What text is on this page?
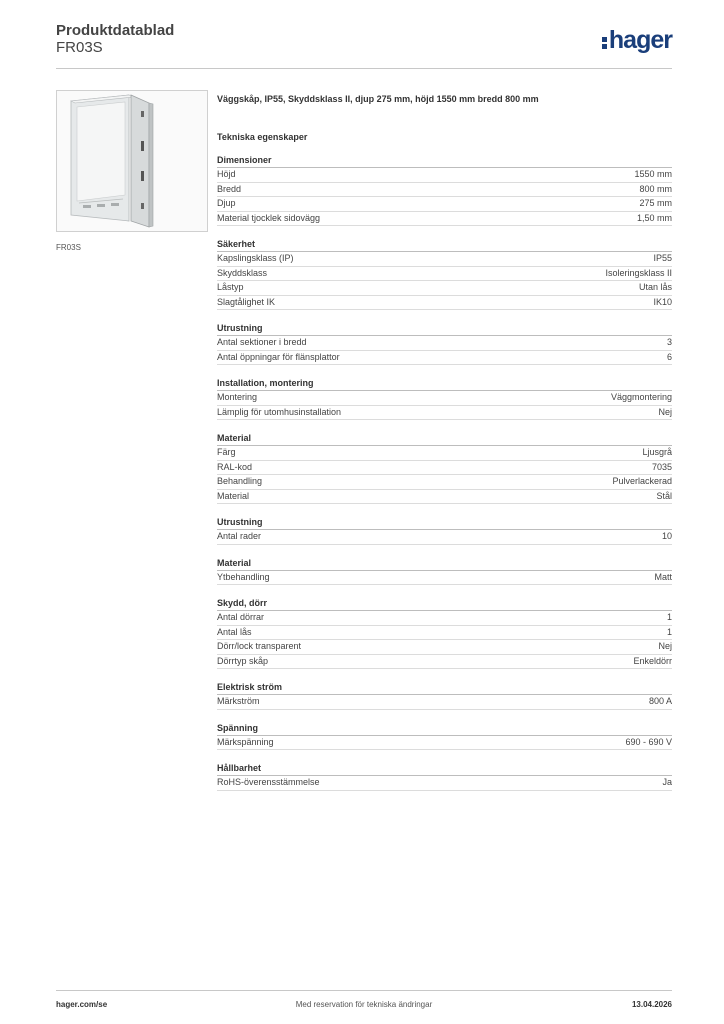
Produktdatablad
FR03S	hager
FR03S
Väggskåp, IP55, Skyddsklass II, djup 275 mm, höjd 1550 mm bredd 800 mm
Tekniska egenskaper
Dimensioner
Höjd	1550 mm
Bredd	800 mm
Djup	275 mm
Material tjocklek sidovägg	1,50 mm
Säkerhet
Kapslingsklass (IP)	IP55
Skyddsklass	Isoleringsklass II
Låstyp	Utan lås
Slagtålighet IK	IK10
Utrustning
Antal sektioner i bredd	3
Antal öppningar för flänsplattor	6
Installation, montering
Montering	Väggmontering
Lämplig för utomhusinstallation	Nej
Material
Färg	Ljusgrå
RAL-kod	7035
Behandling	Pulverlackerad
Material	Stål
Utrustning
Antal rader	10
Material
Ytbehandling	Matt
Skydd, dörr
Antal dörrar	1
Antal lås	1
Dörr/lock transparent	Nej
Dörrtyp skåp	Enkeldörr
Elektrisk ström
Märkström	800 A
Spänning
Märkspänning	690 - 690 V
Hållbarhet
RoHS-överensstämmelse	Ja
hager.com/se	Med reservation för tekniska ändringar	13.04.2026
